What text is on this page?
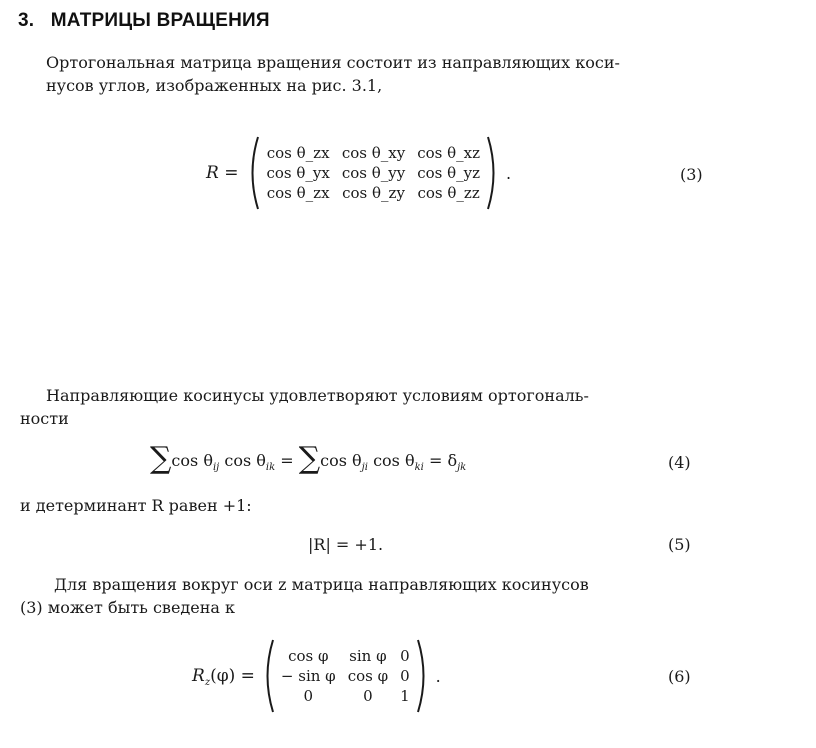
3. МАТРИЦЫ ВРАЩЕНИЯ
Ортогональная матрица вращения состоит из направляющих коси-
нусов углов, изображенных на рис. 3.1,
R =
cos θ_zx	cos θ_xy	cos θ_xz
cos θ_yx	cos θ_yy	cos θ_yz
cos θ_zx	cos θ_zy	cos θ_zz
.	(3)
Направляющие косинусы удовлетворяют условиям ортогональ-
ности
∑cos $\theta_{ij}$ $\cos \theta_{ik} = \sum\cos$ $\theta_{ji}$ $\cos \theta_{ki} = \delta_{jk}$	(4)
и детерминант R равен +1:
|R| = +1.	(5)
Для вращения вокруг оси z матрица направляющих косинусов
(3) может быть сведена к
$R_z(\varphi)$ =
cos φ	sin φ	0
− sin φ	cos φ	0
0	0	1
.	(6)
